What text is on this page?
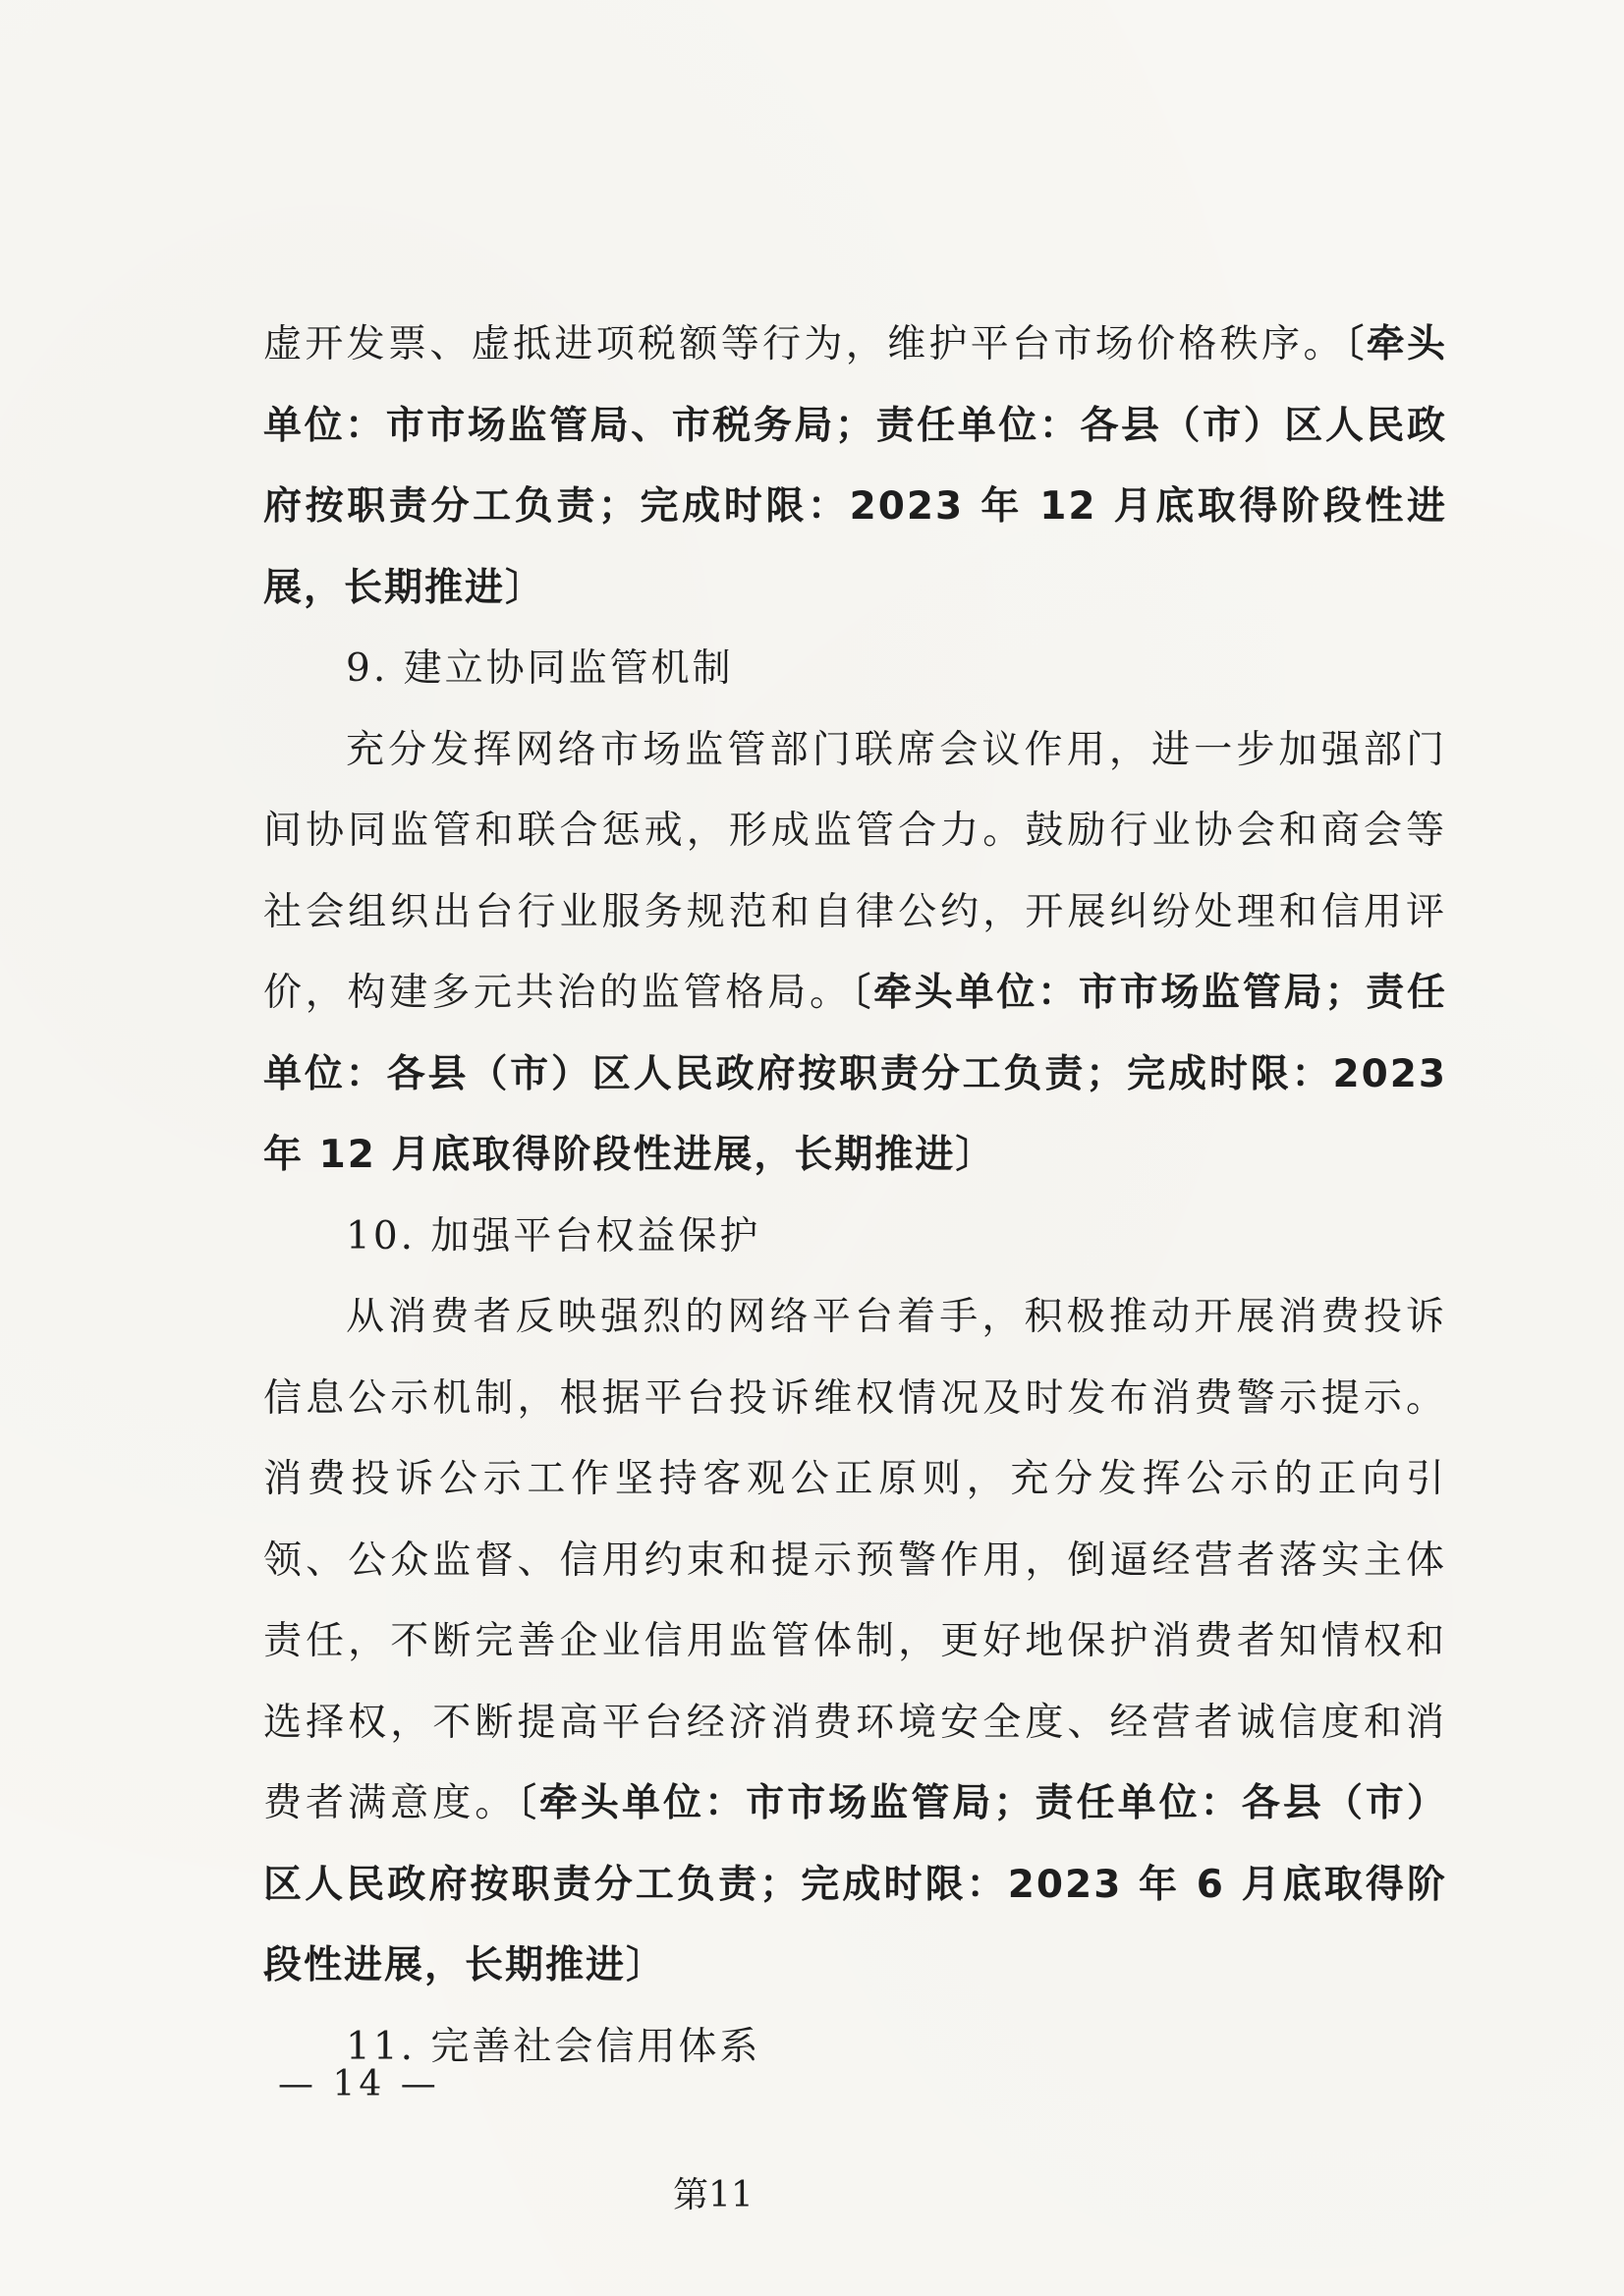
虚开发票、虚抵进项税额等行为，维护平台市场价格秩序。〔牵头单位：市市场监管局、市税务局；责任单位：各县（市）区人民政府按职责分工负责；完成时限：2023 年 12 月底取得阶段性进展，长期推进〕

9. 建立协同监管机制

充分发挥网络市场监管部门联席会议作用，进一步加强部门间协同监管和联合惩戒，形成监管合力。鼓励行业协会和商会等社会组织出台行业服务规范和自律公约，开展纠纷处理和信用评价，构建多元共治的监管格局。〔牵头单位：市市场监管局；责任单位：各县（市）区人民政府按职责分工负责；完成时限：2023 年 12 月底取得阶段性进展，长期推进〕

10. 加强平台权益保护

从消费者反映强烈的网络平台着手，积极推动开展消费投诉信息公示机制，根据平台投诉维权情况及时发布消费警示提示。消费投诉公示工作坚持客观公正原则，充分发挥公示的正向引领、公众监督、信用约束和提示预警作用，倒逼经营者落实主体责任，不断完善企业信用监管体制，更好地保护消费者知情权和选择权，不断提高平台经济消费环境安全度、经营者诚信度和消费者满意度。〔牵头单位：市市场监管局；责任单位：各县（市）区人民政府按职责分工负责；完成时限：2023 年 6 月底取得阶段性进展，长期推进〕

11. 完善社会信用体系

— 14 —
第11
